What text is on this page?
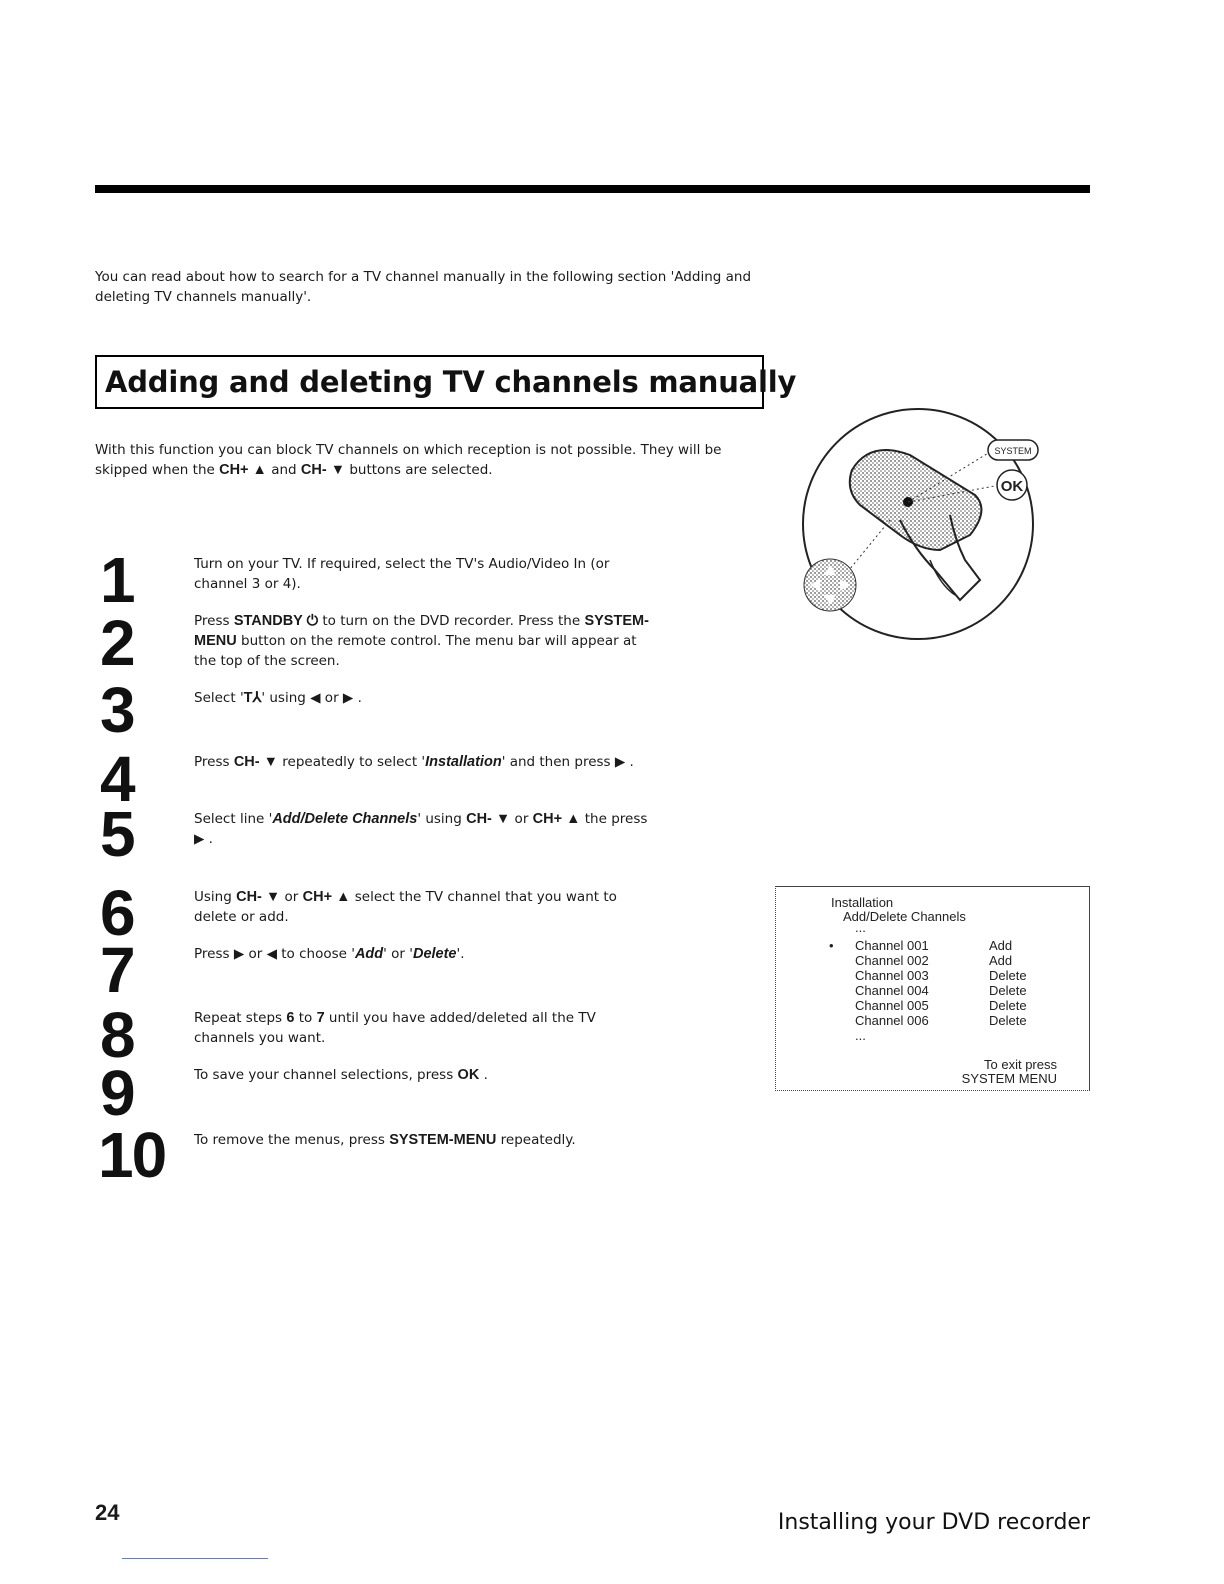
You can read about how to search for a TV channel manually in the following section 'Adding and deleting TV channels manually'.

Adding and deleting TV channels manually

With this function you can block TV channels on which reception is not possible. They will be skipped when the CH+ ▲ and CH- ▼ buttons are selected.

SYSTEM
OK
1
2
3
4
5
6
7
8
9
10

Turn on your TV. If required, select the TV's Audio/Video In (or channel 3 or 4).

Press STANDBY ⏻ to turn on the DVD recorder. Press the SYSTEM-MENU button on the remote control. The menu bar will appear at the top of the screen.

Select 'T⅄' using ◀ or ▶ .

Press CH- ▼ repeatedly to select 'Installation' and then press ▶ .

Select line 'Add/Delete Channels' using CH- ▼ or CH+ ▲ the press ▶ .

Using CH- ▼ or CH+ ▲ select the TV channel that you want to delete or add.

Press ▶ or ◀ to choose 'Add' or 'Delete'.

Repeat steps 6 to 7 until you have added/deleted all the TV channels you want.

To save your channel selections, press OK .

To remove the menus, press SYSTEM-MENU repeatedly.

Installation
Add/Delete Channels
...
•
...
To exit press
SYSTEM MENU
Channel 001	Add
Channel 002	Add
Channel 003	Delete
Channel 004	Delete
Channel 005	Delete
Channel 006	Delete
24	Installing your DVD recorder
